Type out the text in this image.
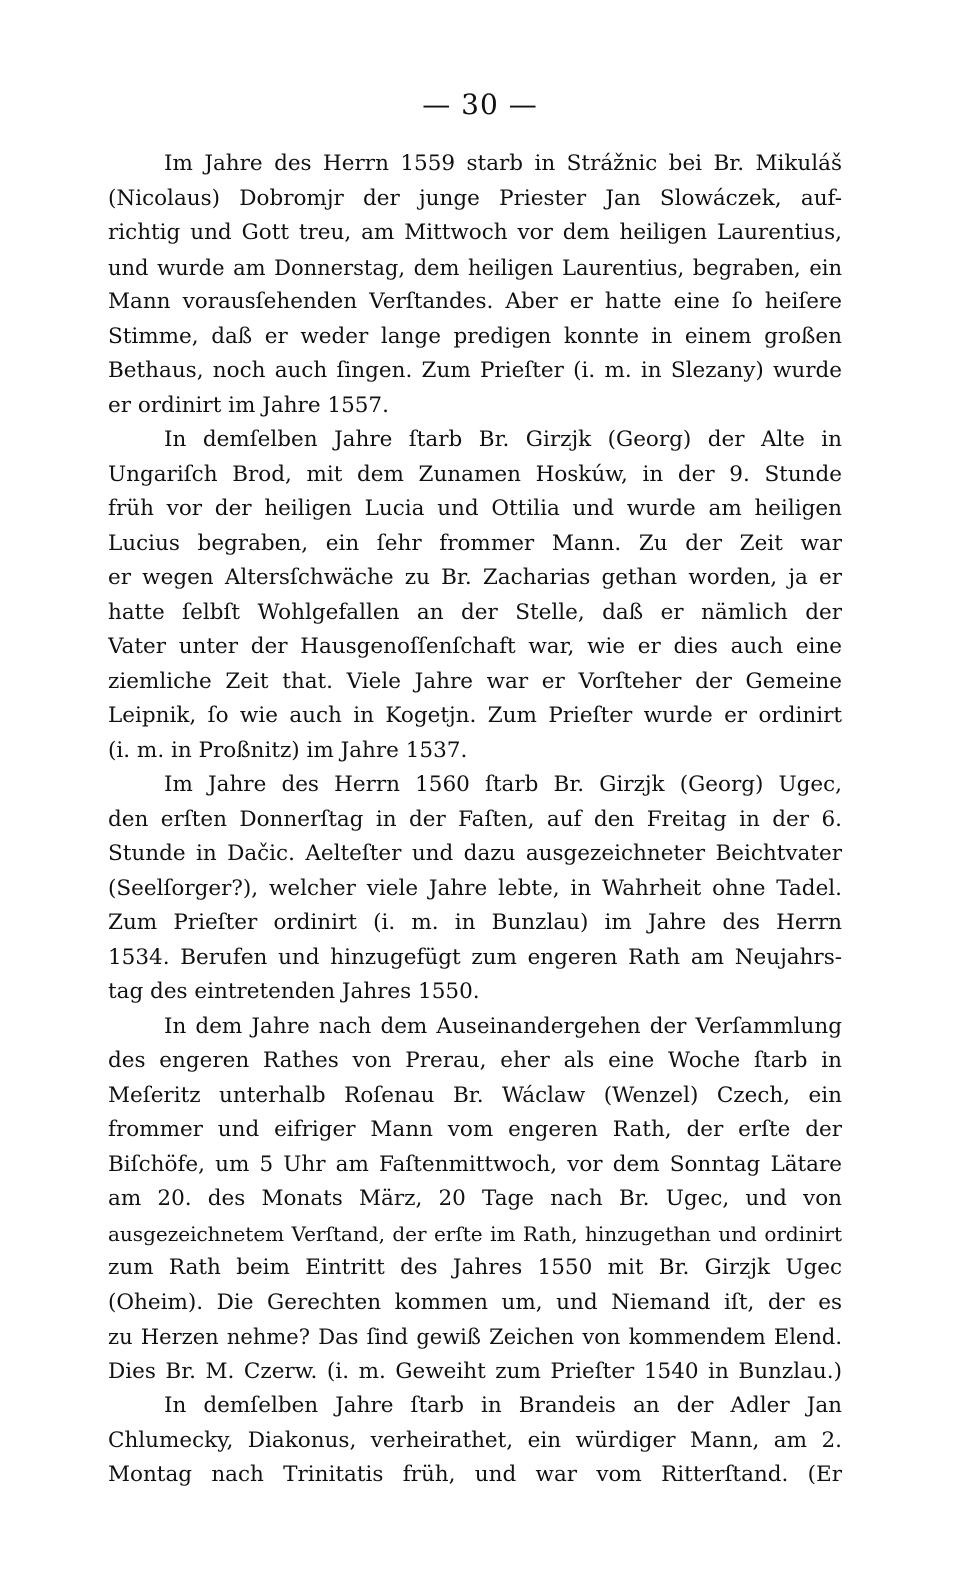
— 30 —
Im Jahre des Herrn 1559 starb in Strážnic bei Br. Mikuláš
(Nicolaus) Dobromjr der junge Priester Jan Slowáczek, auf-
richtig und Gott treu, am Mittwoch vor dem heiligen Laurentius,
und wurde am Donnerstag, dem heiligen Laurentius, begraben, ein
Mann vorausſehenden Verſtandes. Aber er hatte eine ſo heiſere
Stimme, daß er weder lange predigen konnte in einem großen
Bethaus, noch auch ſingen. Zum Prieſter (i. m. in Slezany) wurde
er ordinirt im Jahre 1557.
In demſelben Jahre ſtarb Br. Girzjk (Georg) der Alte in
Ungariſch Brod, mit dem Zunamen Hoskúw, in der 9. Stunde
früh vor der heiligen Lucia und Ottilia und wurde am heiligen
Lucius begraben, ein ſehr frommer Mann. Zu der Zeit war
er wegen Altersſchwäche zu Br. Zacharias gethan worden, ja er
hatte ſelbſt Wohlgefallen an der Stelle, daß er nämlich der
Vater unter der Hausgenoſſenſchaft war, wie er dies auch eine
ziemliche Zeit that. Viele Jahre war er Vorſteher der Gemeine
Leipnik, ſo wie auch in Kogetjn. Zum Prieſter wurde er ordinirt
(i. m. in Proßnitz) im Jahre 1537.
Im Jahre des Herrn 1560 ſtarb Br. Girzjk (Georg) Ugec,
den erſten Donnerſtag in der Faſten, auf den Freitag in der 6.
Stunde in Dačic. Aelteſter und dazu ausgezeichneter Beichtvater
(Seelſorger?), welcher viele Jahre lebte, in Wahrheit ohne Tadel.
Zum Prieſter ordinirt (i. m. in Bunzlau) im Jahre des Herrn
1534. Berufen und hinzugefügt zum engeren Rath am Neujahrs-
tag des eintretenden Jahres 1550.
In dem Jahre nach dem Auseinandergehen der Verſammlung
des engeren Rathes von Prerau, eher als eine Woche ſtarb in
Meſeritz unterhalb Roſenau Br. Wáclaw (Wenzel) Czech, ein
frommer und eifriger Mann vom engeren Rath, der erſte der
Biſchöfe, um 5 Uhr am Faſtenmittwoch, vor dem Sonntag Lätare
am 20. des Monats März, 20 Tage nach Br. Ugec, und von
ausgezeichnetem Verſtand, der erſte im Rath, hinzugethan und ordinirt
zum Rath beim Eintritt des Jahres 1550 mit Br. Girzjk Ugec
(Oheim). Die Gerechten kommen um, und Niemand iſt, der es
zu Herzen nehme? Das ſind gewiß Zeichen von kommendem Elend.
Dies Br. M. Czerw. (i. m. Geweiht zum Prieſter 1540 in Bunzlau.)
In demſelben Jahre ſtarb in Brandeis an der Adler Jan
Chlumecky, Diakonus, verheirathet, ein würdiger Mann, am 2.
Montag nach Trinitatis früh, und war vom Ritterſtand. (Er
